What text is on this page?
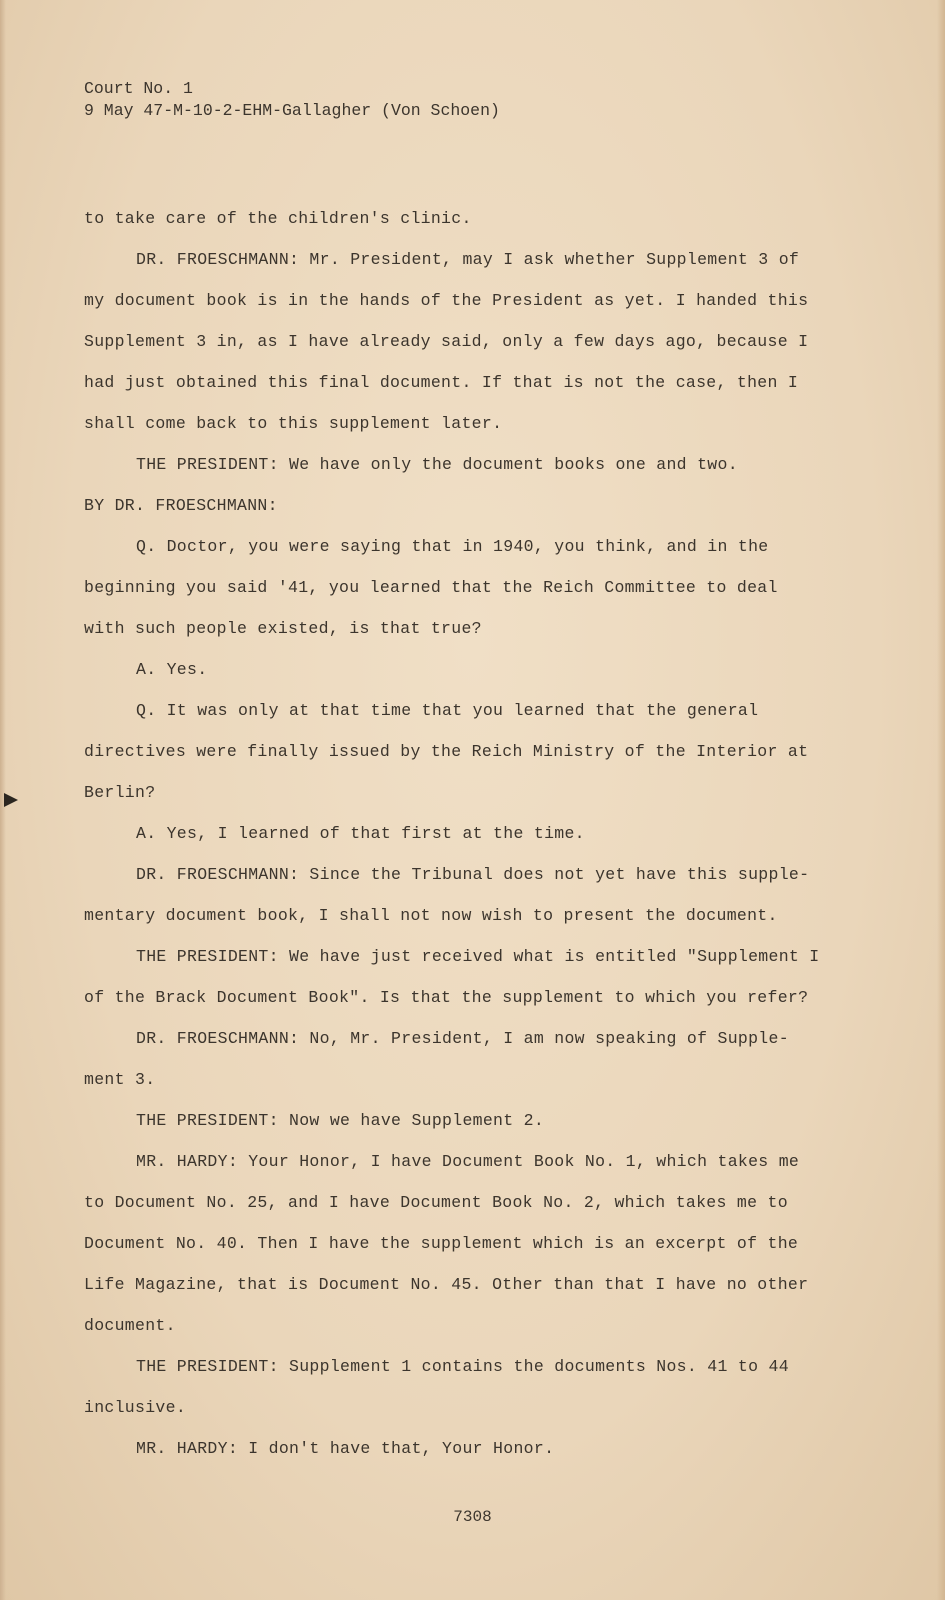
Court No. 1
9 May 47-M-10-2-EHM-Gallagher (Von Schoen)

to take care of the children's clinic.

DR. FROESCHMANN: Mr. President, may I ask whether Supplement 3 of my document book is in the hands of the President as yet. I handed this Supplement 3 in, as I have already said, only a few days ago, because I had just obtained this final document. If that is not the case, then I shall come back to this supplement later.

THE PRESIDENT: We have only the document books one and two.

BY DR. FROESCHMANN:

Q. Doctor, you were saying that in 1940, you think, and in the beginning you said '41, you learned that the Reich Committee to deal with such people existed, is that true?

A. Yes.

Q. It was only at that time that you learned that the general directives were finally issued by the Reich Ministry of the Interior at Berlin?

A. Yes, I learned of that first at the time.

DR. FROESCHMANN: Since the Tribunal does not yet have this supple-mentary document book, I shall not now wish to present the document.

THE PRESIDENT: We have just received what is entitled "Supplement I of the Brack Document Book". Is that the supplement to which you refer?

DR. FROESCHMANN: No, Mr. President, I am now speaking of Supple-ment 3.

THE PRESIDENT: Now we have Supplement 2.

MR. HARDY: Your Honor, I have Document Book No. 1, which takes me to Document No. 25, and I have Document Book No. 2, which takes me to Document No. 40. Then I have the supplement which is an excerpt of the Life Magazine, that is Document No. 45. Other than that I have no other document.

THE PRESIDENT: Supplement 1 contains the documents Nos. 41 to 44 inclusive.

MR. HARDY: I don't have that, Your Honor.

7308
